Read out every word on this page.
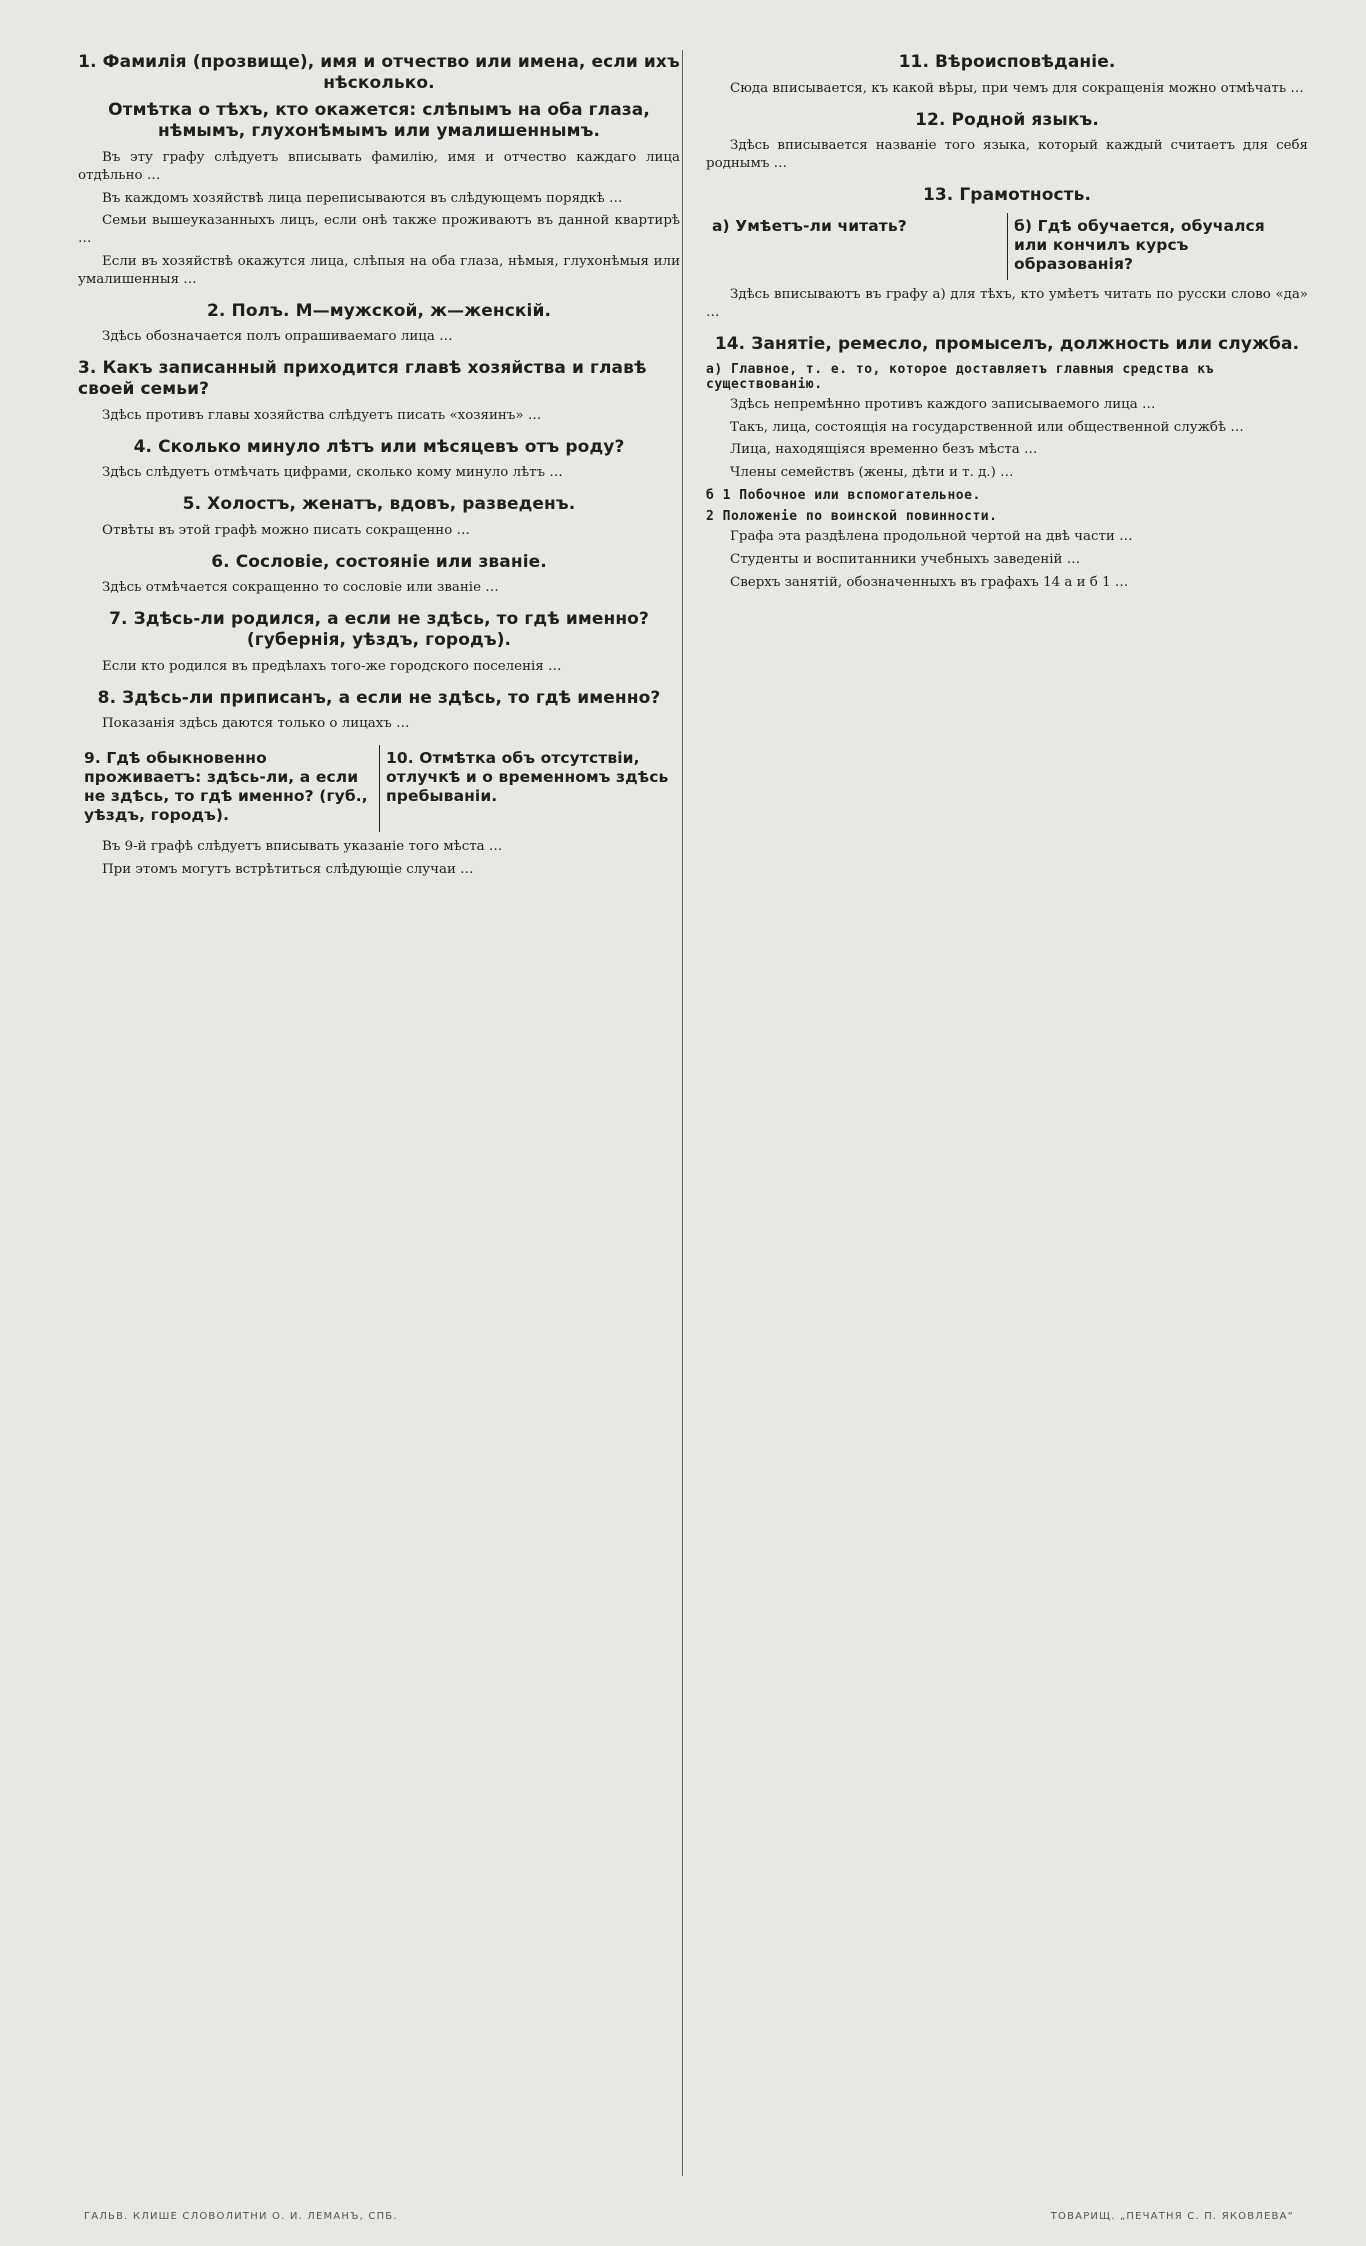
1. Фамилія (прозвище), имя и отчество или имена, если ихъ нѣсколько.
Отмѣтка о тѣхъ, кто окажется: слѣпымъ на оба глаза, нѣмымъ, глухонѣмымъ или умалишеннымъ.

Въ эту графу слѣдуетъ вписывать фамилію, имя и отчество каждаго лица отдѣльно …

Въ каждомъ хозяйствѣ лица переписываются въ слѣдующемъ порядкѣ …

Семьи вышеуказанныхъ лицъ, если онѣ также проживаютъ въ данной квартирѣ …

Если въ хозяйствѣ окажутся лица, слѣпыя на оба глаза, нѣмыя, глухонѣмыя или умалишенныя …

2. Полъ. М—мужской, ж—женскій.

Здѣсь обозначается полъ опрашиваемаго лица …

3. Какъ записанный приходится главѣ хозяйства и главѣ своей семьи?

Здѣсь противъ главы хозяйства слѣдуетъ писать «хозяинъ» …

4. Сколько минуло лѣтъ или мѣсяцевъ отъ роду?

Здѣсь слѣдуетъ отмѣчать цифрами, сколько кому минуло лѣтъ …

5. Холостъ, женатъ, вдовъ, разведенъ.

Отвѣты въ этой графѣ можно писать сокращенно …

6. Сословіе, состояніе или званіе.

Здѣсь отмѣчается сокращенно то сословіе или званіе …

7. Здѣсь-ли родился, а если не здѣсь, то гдѣ именно? (губернія, уѣздъ, городъ).

Если кто родился въ предѣлахъ того-же городского поселенія …

8. Здѣсь-ли приписанъ, а если не здѣсь, то гдѣ именно?

Показанія здѣсь даются только о лицахъ …

9. Гдѣ обыкновенно проживаетъ: здѣсь-ли, а если не здѣсь, то гдѣ именно? (губ., уѣздъ, городъ).
10. Отмѣтка объ отсутствіи, отлучкѣ и о временномъ здѣсь пребываніи.

Въ 9-й графѣ слѣдуетъ вписывать указаніе того мѣста …

При этомъ могутъ встрѣтиться слѣдующіе случаи …

11. Вѣроисповѣданіе.

Сюда вписывается, къ какой вѣры, при чемъ для сокращенія можно отмѣчать …

12. Родной языкъ.

Здѣсь вписывается названіе того языка, который каждый считаетъ для себя роднымъ …

13. Грамотность.
а) Умѣетъ-ли читать?	б) Гдѣ обучается, обучался или кончилъ курсъ образованія?

Здѣсь вписываютъ въ графу а) для тѣхъ, кто умѣетъ читать по русски слово «да» …

14. Занятіе, ремесло, промыселъ, должность или служба.
а) Главное, т. е. то, которое доставляетъ главныя средства къ существованію.

Здѣсь непремѣнно противъ каждого записываемого лица …

Такъ, лица, состоящія на государственной или общественной службѣ …

Лица, находящіяся временно безъ мѣста …

Члены семействъ (жены, дѣти и т. д.) …

б 1 Побочное или вспомогательное.
2 Положеніе по воинской повинности.

Графа эта раздѣлена продольной чертой на двѣ части …

Студенты и воспитанники учебныхъ заведеній …

Сверхъ занятій, обозначенныхъ въ графахъ 14 а и б 1 …

ГАЛЬВ. КЛИШЕ СЛОВОЛИТНИ О. И. ЛЕМАНЪ, СПБ.	ТОВАРИЩ. „ПЕЧАТНЯ С. П. ЯКОВЛЕВА“
